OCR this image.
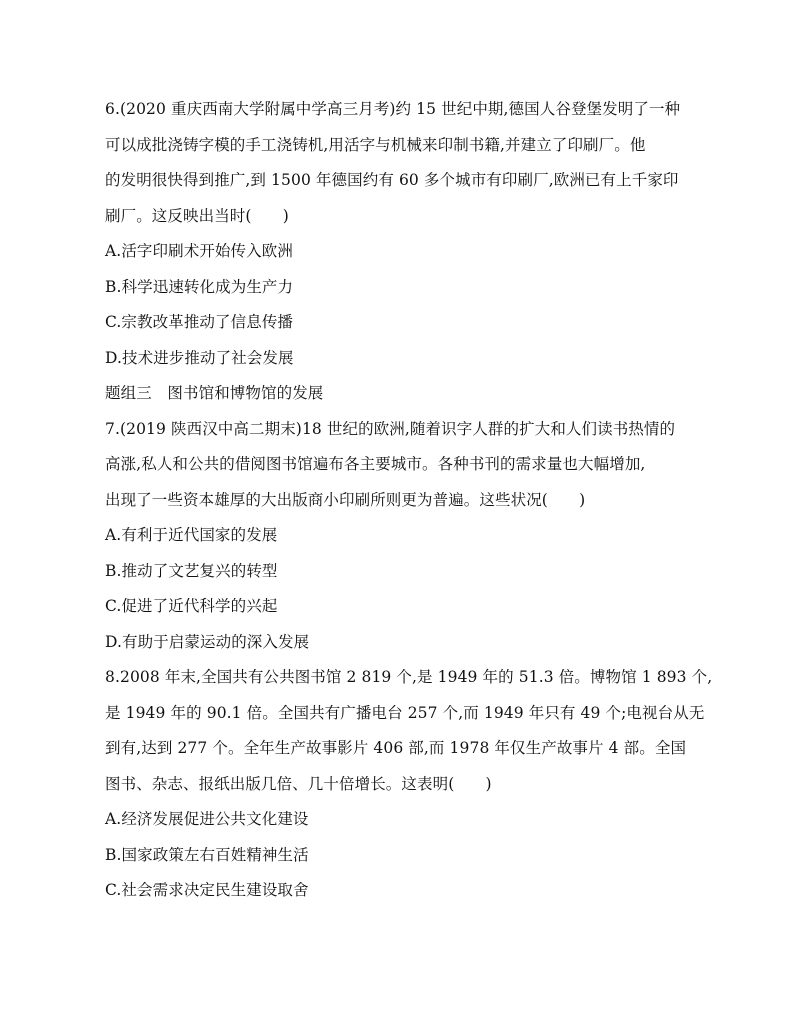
6.(2020 重庆西南大学附属中学高三月考)约 15 世纪中期,德国人谷登堡发明了一种
可以成批浇铸字模的手工浇铸机,用活字与机械来印制书籍,并建立了印刷厂。他
的发明很快得到推广,到 1500 年德国约有 60 多个城市有印刷厂,欧洲已有上千家印
刷厂。这反映出当时(　　)
A.活字印刷术开始传入欧洲
B.科学迅速转化成为生产力
C.宗教改革推动了信息传播
D.技术进步推动了社会发展
题组三　图书馆和博物馆的发展
7.(2019 陕西汉中高二期末)18 世纪的欧洲,随着识字人群的扩大和人们读书热情的
高涨,私人和公共的借阅图书馆遍布各主要城市。各种书刊的需求量也大幅增加,
出现了一些资本雄厚的大出版商小印刷所则更为普遍。这些状况(　　)
A.有利于近代国家的发展
B.推动了文艺复兴的转型
C.促进了近代科学的兴起
D.有助于启蒙运动的深入发展
8.2008 年末,全国共有公共图书馆 2 819 个,是 1949 年的 51.3 倍。博物馆 1 893 个,
是 1949 年的 90.1 倍。全国共有广播电台 257 个,而 1949 年只有 49 个;电视台从无
到有,达到 277 个。全年生产故事影片 406 部,而 1978 年仅生产故事片 4 部。全国
图书、杂志、报纸出版几倍、几十倍增长。这表明(　　)
A.经济发展促进公共文化建设
B.国家政策左右百姓精神生活
C.社会需求决定民生建设取舍
